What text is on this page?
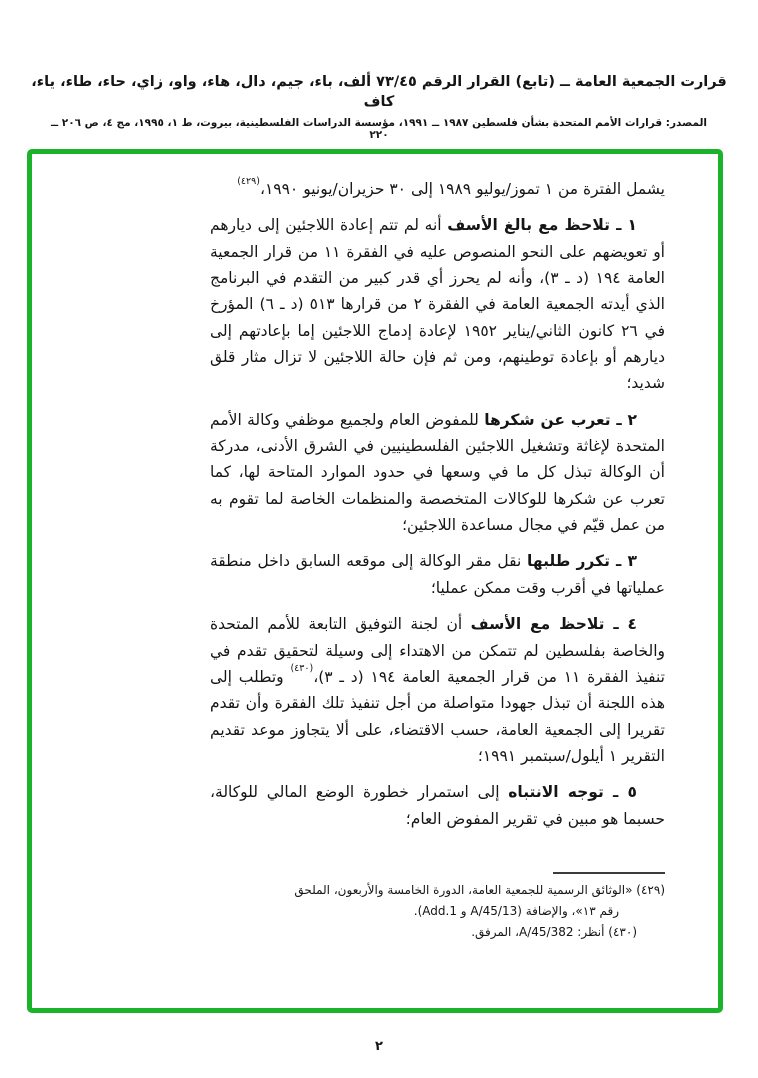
قرارت الجمعية العامة ــ (تابع) القرار الرقم ٧٣/٤٥ ألف، باء، جيم، دال، هاء، واو، زاي، حاء، طاء، ياء، كاف
المصدر: قرارات الأمم المتحدة بشأن فلسطين ١٩٨٧ ــ ١٩٩١، مؤسسة الدراسات الفلسطينية، بيروت، ط ١، ١٩٩٥، مج ٤، ص ٢٠٦ ــ ٢٢٠

يشمل الفترة من ١ تموز/يوليو ١٩٨٩ إلى ٣٠ حزيران/يونيو ١٩٩٠،$^{(٤٢٩)}$

١ ـ تلاحظ مع بالغ الأسف أنه لم تتم إعادة اللاجئين إلى ديارهم أو تعويضهم على النحو المنصوص عليه في الفقرة ١١ من قرار الجمعية العامة ١٩٤ (د ـ ٣)، وأنه لم يحرز أي قدر كبير من التقدم في البرنامج الذي أيدته الجمعية العامة في الفقرة ٢ من قرارها ٥١٣ (د ـ ٦) المؤرخ في ٢٦ كانون الثاني/يناير ١٩٥٢ لإعادة إدماج اللاجئين إما بإعادتهم إلى ديارهم أو بإعادة توطينهم، ومن ثم فإن حالة اللاجئين لا تزال مثار قلق شديد؛

٢ ـ تعرب عن شكرها للمفوض العام ولجميع موظفي وكالة الأمم المتحدة لإغاثة وتشغيل اللاجئين الفلسطينيين في الشرق الأدنى، مدركة أن الوكالة تبذل كل ما في وسعها في حدود الموارد المتاحة لها، كما تعرب عن شكرها للوكالات المتخصصة والمنظمات الخاصة لما تقوم به من عمل قيّم في مجال مساعدة اللاجئين؛

٣ ـ تكرر طلبها نقل مقر الوكالة إلى موقعه السابق داخل منطقة عملياتها في أقرب وقت ممكن عمليا؛

٤ ـ تلاحظ مع الأسف أن لجنة التوفيق التابعة للأمم المتحدة والخاصة بفلسطين لم تتمكن من الاهتداء إلى وسيلة لتحقيق تقدم في تنفيذ الفقرة ١١ من قرار الجمعية العامة ١٩٤ (د ـ ٣)،$^{(٤٣٠)}$ وتطلب إلى هذه اللجنة أن تبذل جهودا متواصلة من أجل تنفيذ تلك الفقرة وأن تقدم تقريرا إلى الجمعية العامة، حسب الاقتضاء، على ألا يتجاوز موعد تقديم التقرير ١ أيلول/سبتمبر ١٩٩١؛

٥ ـ توجه الانتباه إلى استمرار خطورة الوضع المالي للوكالة، حسبما هو مبين في تقرير المفوض العام؛

(٤٢٩) «الوثائق الرسمية للجمعية العامة، الدورة الخامسة والأربعون، الملحق رقم ١٣»، والإضافة (A/45/13 و Add.1).

(٤٣٠) أنظر: A/45/382، المرفق.

٢
